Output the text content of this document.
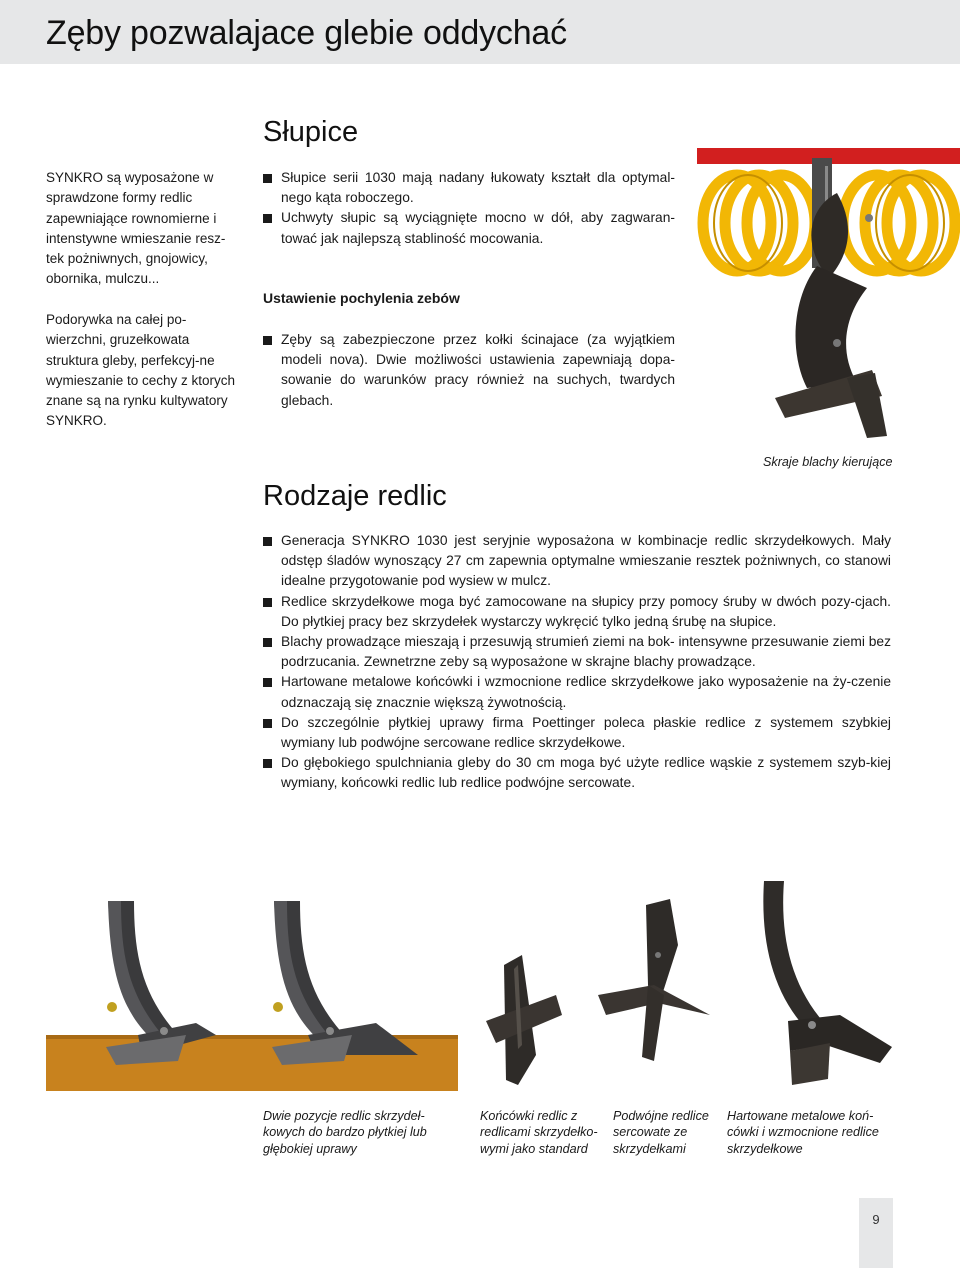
Zęby pozwalajace glebie oddychać
Słupice

SYNKRO są wyposażone w sprawdzone formy redlic zapewniające rownomierne i intenstywne wmieszanie resz-tek pożniwnych, gnojowicy, obornika, mulczu...

Podorywka na całej po-wierzchni, gruzełkowata struktura gleby, perfekcyj-ne wymieszanie to cechy z ktorych znane są na rynku kultywatory SYNKRO.

Słupice serii 1030 mają nadany łukowaty kształt dla optymal-nego kąta roboczego.
Uchwyty słupic są wyciągnięte mocno w dół, aby zagwaran-tować jak najlepszą stabliność mocowania.
Ustawienie pochylenia zebów
Zęby są zabezpieczone przez kołki ścinajace (za wyjątkiem modeli nova). Dwie możliwości ustawienia zapewniają dopa-sowanie do warunków pracy również na suchych, twardych glebach.

Skraje blachy kierujące

Rodzaje redlic
Generacja SYNKRO 1030 jest seryjnie wyposażona w kombinacje redlic skrzydełkowych. Mały odstęp śladów wynoszący 27 cm zapewnia optymalne wmieszanie resztek pożniwnych, co stanowi idealne przygotowanie pod wysiew w mulcz.
Redlice skrzydełkowe moga być zamocowane na słupicy przy pomocy śruby w dwóch pozy-cjach. Do płytkiej pracy bez skrzydełek wystarczy wykręcić tylko jedną śrubę na słupice.
Blachy prowadzące mieszają i przesuwją strumień ziemi na bok- intensywne przesuwanie ziemi bez podrzucania. Zewnetrzne zeby są wyposażone w skrajne blachy prowadzące.
Hartowane metalowe końcówki i wzmocnione redlice skrzydełkowe jako wyposażenie na ży-czenie odznaczają się znacznie większą żywotnością.
Do szczególnie płytkiej uprawy firma Poettinger poleca płaskie redlice z systemem szybkiej wymiany lub podwójne sercowane redlice skrzydełkowe.
Do głębokiego spulchniania gleby do 30 cm moga być użyte redlice wąskie z systemem szyb-kiej wymiany, końcowki redlic lub redlice podwójne sercowate.

Dwie pozycje redlic skrzydeł-kowych do bardzo płytkiej lub głębokiej uprawy

Końcówki redlic z redlicami skrzydełko-wymi jako standard

Podwójne redlice sercowate ze skrzydełkami

Hartowane metalowe koń-cówki i wzmocnione redlice skrzydełkowe

9
